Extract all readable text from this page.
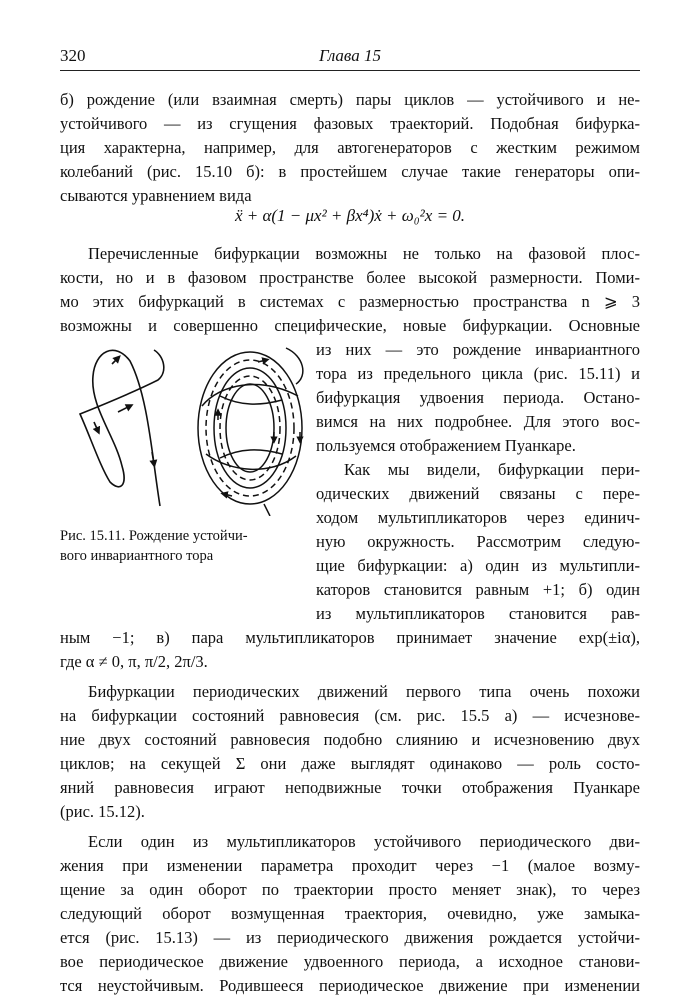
320	Глава 15
б) рождение (или взаимная смерть) пары циклов — устойчивого и не-
устойчивого — из сгущения фазовых траекторий. Подобная бифурка-
ция характерна, например, для автогенераторов с жестким режимом
колебаний (рис. 15.10 б): в простейшем случае такие генераторы опи-
сываются уравнением вида
ẍ + α(1 − μx² + βx⁴)ẋ + ω₀²x = 0.
Перечисленные бифуркации возможны не только на фазовой плос-
кости, но и в фазовом пространстве более высокой размерности. Поми-
мо этих бифуркаций в системах с размерностью пространства n ⩾ 3
возможны и совершенно специфические, новые бифуркации. Основные
из них — это рождение инвариантного
тора из предельного цикла (рис. 15.11) и
бифуркация удвоения периода. Остано-
вимся на них подробнее. Для этого вос-
пользуемся отображением Пуанкаре.
Как мы видели, бифуркации пери-
одических движений связаны с пере-
ходом мультипликаторов через единич-
ную окружность. Рассмотрим следую-
щие бифуркации: а) один из мультипли-
каторов становится равным +1; б) один
из мультипликаторов становится рав-
ным −1; в) пара мультипликаторов принимает значение exp(±iα),
где α ≠ 0, π, π/2, 2π/3.
Рис. 15.11. Рождение устойчи-
вого инвариантного тора
Бифуркации периодических движений первого типа очень похожи
на бифуркации состояний равновесия (см. рис. 15.5 а) — исчезнове-
ние двух состояний равновесия подобно слиянию и исчезновению двух
циклов; на секущей Σ они даже выглядят одинаково — роль состо-
яний равновесия играют неподвижные точки отображения Пуанкаре
(рис. 15.12).
Если один из мультипликаторов устойчивого периодического дви-
жения при изменении параметра проходит через −1 (малое возму-
щение за один оборот по траектории просто меняет знак), то через
следующий оборот возмущенная траектория, очевидно, уже замыка-
ется (рис. 15.13) — из периодического движения рождается устойчи-
вое периодическое движение удвоенного периода, а исходное станови-
тся неустойчивым. Родившееся периодическое движение при изменении
